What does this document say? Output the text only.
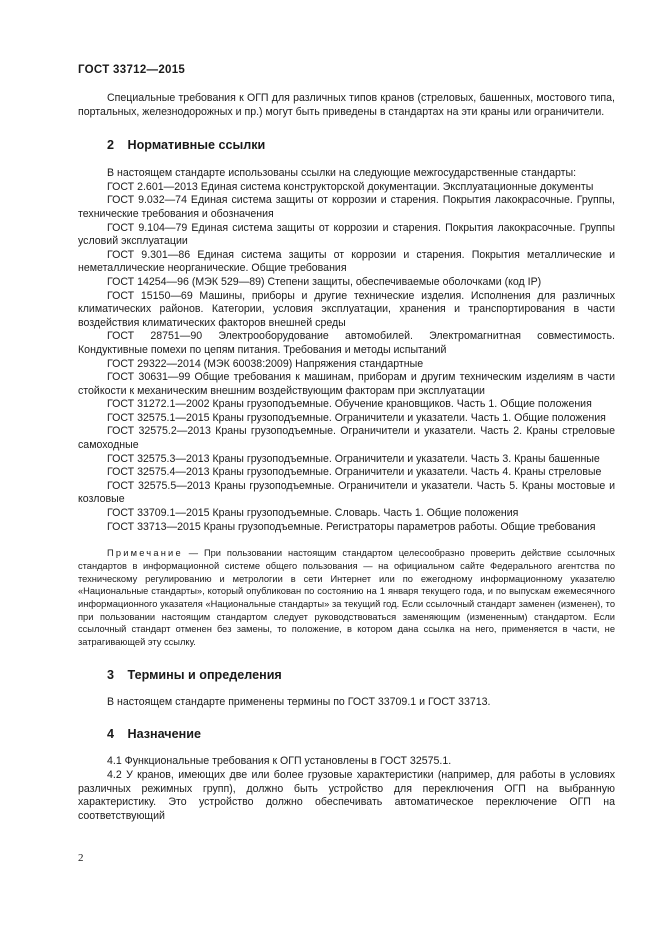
ГОСТ 33712—2015

Специальные требования к ОГП для различных типов кранов (стреловых, башенных, мостового типа, портальных, железнодорожных и пр.) могут быть приведены в стандартах на эти краны или ограничители.

2 Нормативные ссылки

В настоящем стандарте использованы ссылки на следующие межгосударственные стандарты:

ГОСТ 2.601—2013 Единая система конструкторской документации. Эксплуатационные документы

ГОСТ 9.032—74 Единая система защиты от коррозии и старения. Покрытия лакокрасочные. Группы, технические требования и обозначения

ГОСТ 9.104—79 Единая система защиты от коррозии и старения. Покрытия лакокрасочные. Группы условий эксплуатации

ГОСТ 9.301—86 Единая система защиты от коррозии и старения. Покрытия металлические и неметаллические неорганические. Общие требования

ГОСТ 14254—96 (МЭК 529—89) Степени защиты, обеспечиваемые оболочками (код IP)

ГОСТ 15150—69 Машины, приборы и другие технические изделия. Исполнения для различных климатических районов. Категории, условия эксплуатации, хранения и транспортирования в части воздействия климатических факторов внешней среды

ГОСТ 28751—90 Электрооборудование автомобилей. Электромагнитная совместимость. Кондуктивные помехи по цепям питания. Требования и методы испытаний

ГОСТ 29322—2014 (МЭК 60038:2009) Напряжения стандартные

ГОСТ 30631—99 Общие требования к машинам, приборам и другим техническим изделиям в части стойкости к механическим внешним воздействующим факторам при эксплуатации

ГОСТ 31272.1—2002 Краны грузоподъемные. Обучение крановщиков. Часть 1. Общие положения

ГОСТ 32575.1—2015 Краны грузоподъемные. Ограничители и указатели. Часть 1. Общие положения

ГОСТ 32575.2—2013 Краны грузоподъемные. Ограничители и указатели. Часть 2. Краны стреловые самоходные

ГОСТ 32575.3—2013 Краны грузоподъемные. Ограничители и указатели. Часть 3. Краны башенные

ГОСТ 32575.4—2013 Краны грузоподъемные. Ограничители и указатели. Часть 4. Краны стреловые

ГОСТ 32575.5—2013 Краны грузоподъемные. Ограничители и указатели. Часть 5. Краны мостовые и козловые

ГОСТ 33709.1—2015 Краны грузоподъемные. Словарь. Часть 1. Общие положения

ГОСТ 33713—2015 Краны грузоподъемные. Регистраторы параметров работы. Общие требования

Примечание — При пользовании настоящим стандартом целесообразно проверить действие ссылочных стандартов в информационной системе общего пользования — на официальном сайте Федерального агентства по техническому регулированию и метрологии в сети Интернет или по ежегодному информационному указателю «Национальные стандарты», который опубликован по состоянию на 1 января текущего года, и по выпускам ежемесячного информационного указателя «Национальные стандарты» за текущий год. Если ссылочный стандарт заменен (изменен), то при пользовании настоящим стандартом следует руководствоваться заменяющим (измененным) стандартом. Если ссылочный стандарт отменен без замены, то положение, в котором дана ссылка на него, применяется в части, не затрагивающей эту ссылку.

3 Термины и определения

В настоящем стандарте применены термины по ГОСТ 33709.1 и ГОСТ 33713.

4 Назначение

4.1 Функциональные требования к ОГП установлены в ГОСТ 32575.1.

4.2 У кранов, имеющих две или более грузовые характеристики (например, для работы в условиях различных режимных групп), должно быть устройство для переключения ОГП на выбранную характеристику. Это устройство должно обеспечивать автоматическое переключение ОГП на соответствующий

2
